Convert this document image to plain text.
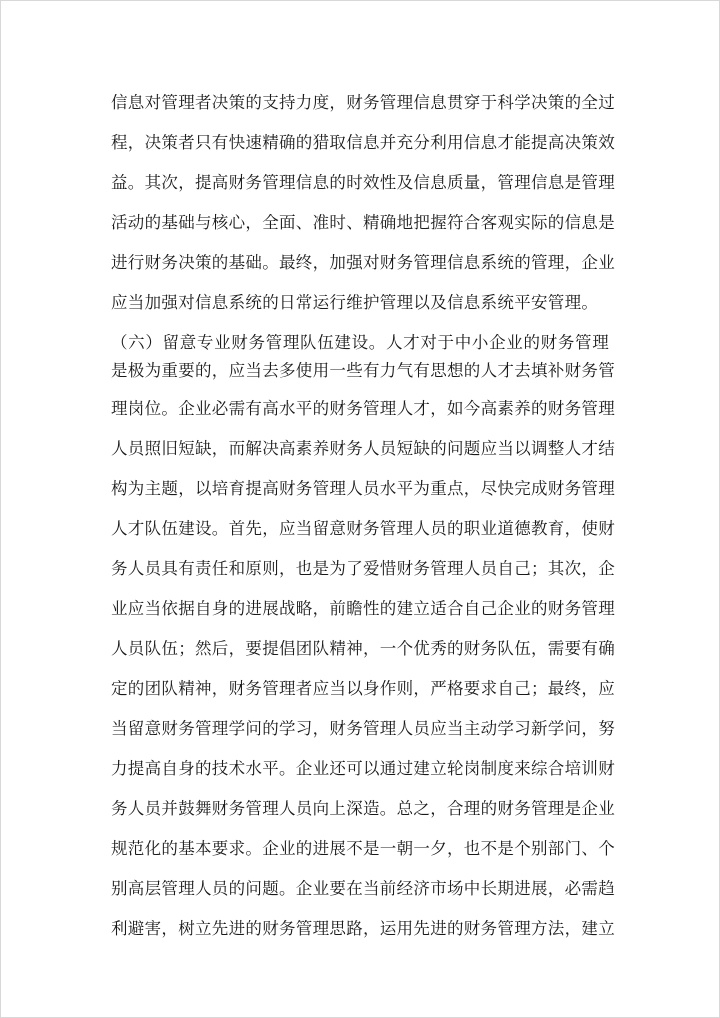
信息对管理者决策的支持力度，财务管理信息贯穿于科学决策的全过
程，决策者只有快速精确的猎取信息并充分利用信息才能提高决策效
益。其次，提高财务管理信息的时效性及信息质量，管理信息是管理
活动的基础与核心，全面、准时、精确地把握符合客观实际的信息是
进行财务决策的基础。最终，加强对财务管理信息系统的管理，企业
应当加强对信息系统的日常运行维护管理以及信息系统平安管理。
（六）留意专业财务管理队伍建设。人才对于中小企业的财务管理
是极为重要的，应当去多使用一些有力气有思想的人才去填补财务管
理岗位。企业必需有高水平的财务管理人才，如今高素养的财务管理
人员照旧短缺，而解决高素养财务人员短缺的问题应当以调整人才结
构为主题，以培育提高财务管理人员水平为重点，尽快完成财务管理
人才队伍建设。首先，应当留意财务管理人员的职业道德教育，使财
务人员具有责任和原则，也是为了爱惜财务管理人员自己；其次，企
业应当依据自身的进展战略，前瞻性的建立适合自己企业的财务管理
人员队伍；然后，要提倡团队精神，一个优秀的财务队伍，需要有确
定的团队精神，财务管理者应当以身作则，严格要求自己；最终，应
当留意财务管理学问的学习，财务管理人员应当主动学习新学问，努
力提高自身的技术水平。企业还可以通过建立轮岗制度来综合培训财
务人员并鼓舞财务管理人员向上深造。总之，合理的财务管理是企业
规范化的基本要求。企业的进展不是一朝一夕，也不是个别部门、个
别高层管理人员的问题。企业要在当前经济市场中长期进展，必需趋
利避害，树立先进的财务管理思路，运用先进的财务管理方法，建立
